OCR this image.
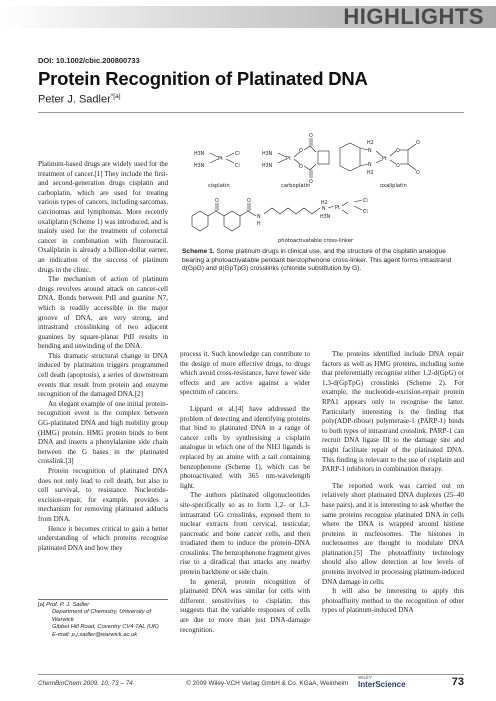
HIGHLIGHTS
DOI: 10.1002/cbic.200800733
Protein Recognition of Platinated DNA
Peter J. Sadler$^{*[a]}$

Platinum-based drugs are widely used for the treatment of cancer.[1] They include the first- and second-generation drugs cisplatin and carboplatin, which are used for treating various types of cancers, including sarcomas, carcinomas and lymphomas. More recently oxaliplatin (Scheme 1) was introduced, and is mainly used for the treatment of colorectal cancer in combination with fluorouracil. Oxaliplatin is already a billion-dollar earner, an indication of the success of platinum drugs in the clinic.

The mechanism of action of platinum drugs revolves around attack on cancer-cell DNA. Bonds between PtII and guanine N7, which is readily accessible in the major groove of DNA, are very strong, and intrastrand crosslinking of two adjacent guanines by square-planar PtII results in bending and unwinding of the DNA.

This dramatic structural change in DNA induced by platination triggers programmed cell death (apoptosis), a series of downstream events that result from protein and enzyme recognition of the damaged DNA.[2]

An elegant example of one initial protein-recognition event is the complex between GG-platinated DNA and high mobility group (HMG) protein. HMG protein binds to bent DNA and inserts a phenylalanine side chain between the G bases in the platinated crosslink.[3]

Protein recognition of platinated DNA does not only lead to cell death, but also to cell survival, to resistance. Nucleotide-excision-repair, for example, provides a mechanism for removing platinated adducts from DNA.

Hence it becomes critical to gain a better understanding of which proteins recognise platinated DNA and how they

H3N
Pt
Cl
H3N	Cl
H3N
Pt
H3N
O
O
O
O
H2
N
Pt
N
H2
O
O
O
O
O	O
N
H
H2
N Pt
H3N
Cl
Cl
cisplatin	carboplatin	oxaliplatin
photoactivatable cross-linker
Scheme 1. Some platinum drugs in clinical use, and the structure of the cisplatin analogue bearing a photoactivatable pendant benzophenone cross-linker. This agent forms intrastrand d(GpG) and d(GpTpG) crosslinks (chloride substitution by G).

process it. Such knowledge can contribute to the design of more effective drugs, to drugs which avoid cross-resistance, have fewer side effects and are active against a wider spectrum of cancers.

Lippard et al.[4] have addressed the problem of detecting and identifying proteins that bind to platinated DNA in a range of cancer cells by synthesising a cisplatin analogue in which one of the NH3 ligands is replaced by an amine with a tail containing benzophenone (Scheme 1), which can be photoactivated with 365 nm-wavelength light.

The authors platinated oligonucleotides site-specifically so as to form 1,2- or 1,3-intrastrand GG crosslinks, exposed them to nuclear extracts from cervical, testicular, pancreatic and bone cancer cells, and then irradiated them to induce the protein–DNA crosslinks. The benzophenone fragment gives rise to a diradical that attacks any nearby protein backbone or side chain.

In general, protein recognition of platinated DNA was similar for cells with different sensitivities to cisplatin; this suggests that the variable responses of cells are due to more than just DNA-damage recognition.

The proteins identified include DNA repair factors as well as HMG proteins, including some that preferentially recognise either 1,2-d(GpG) or 1,3-d(GpTpG) crosslinks (Scheme 2). For example, the nucleotide-excision-repair protein RPA1 appears only to recognise the latter. Particularly interesting is the finding that poly(ADP-ribose) polymerase-1 (PARP-1) binds to both types of intrastrand crosslink. PARP-1 can recruit DNA ligase III to the damage site and might facilitate repair of the platinated DNA. This finding is relevant to the use of cisplatin and PARP-1 inhibitors in combination therapy.

The reported work was carried out on relatively short platinated DNA duplexes (25–40 base pairs), and it is interesting to ask whether the same proteins recognise platinated DNA in cells where the DNA is wrapped around histone proteins in nucleosomes. The histones in nucleosomes are thought to modulate DNA platination.[5] The photoaffinity technology should also allow detection at low levels of proteins involved in processing platinum-induced DNA damage in cells.

It will also be interesting to apply this photoaffinity method to the recognition of other types of platinum-induced DNA

[a] Prof. P. J. Sadler
Department of Chemistry, University of Warwick
Gibbet Hill Road, Coventry CV4 7AL (UK)
E-mail: p.j.sadler@warwick.ac.uk
ChemBioChem 2009, 10, 73 – 74	© 2009 Wiley-VCH Verlag GmbH & Co. KGaA, Weinheim
WILEY
InterScience	73
